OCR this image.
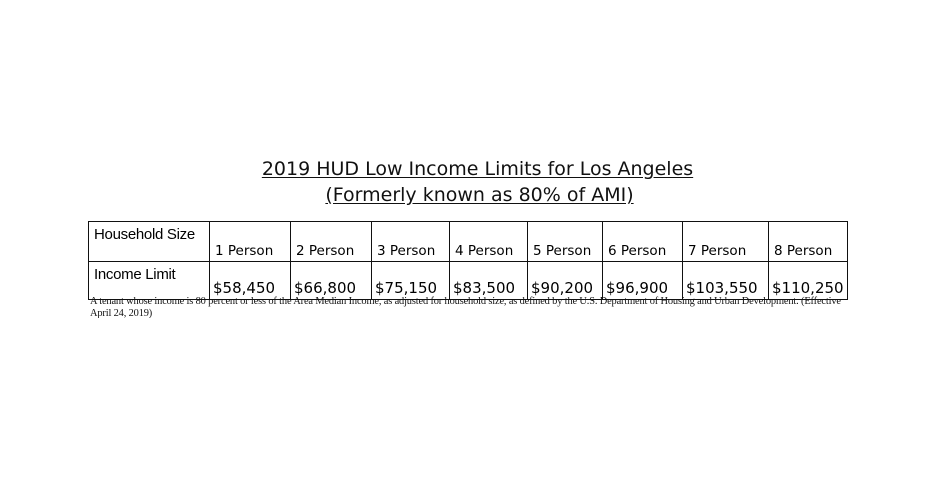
2019 HUD Low Income Limits for Los Angeles
(Formerly known as 80% of AMI)
Household Size	1 Person	2 Person	3 Person	4 Person	5 Person	6 Person	7 Person	8 Person
Income Limit	$58,450	$66,800	$75,150	$83,500	$90,200	$96,900	$103,550	$110,250
A tenant whose income is 80 percent or less of the Area Median Income, as adjusted for household size, as defined by the U.S. Department of Housing and Urban Development. (Effective April 24, 2019)
